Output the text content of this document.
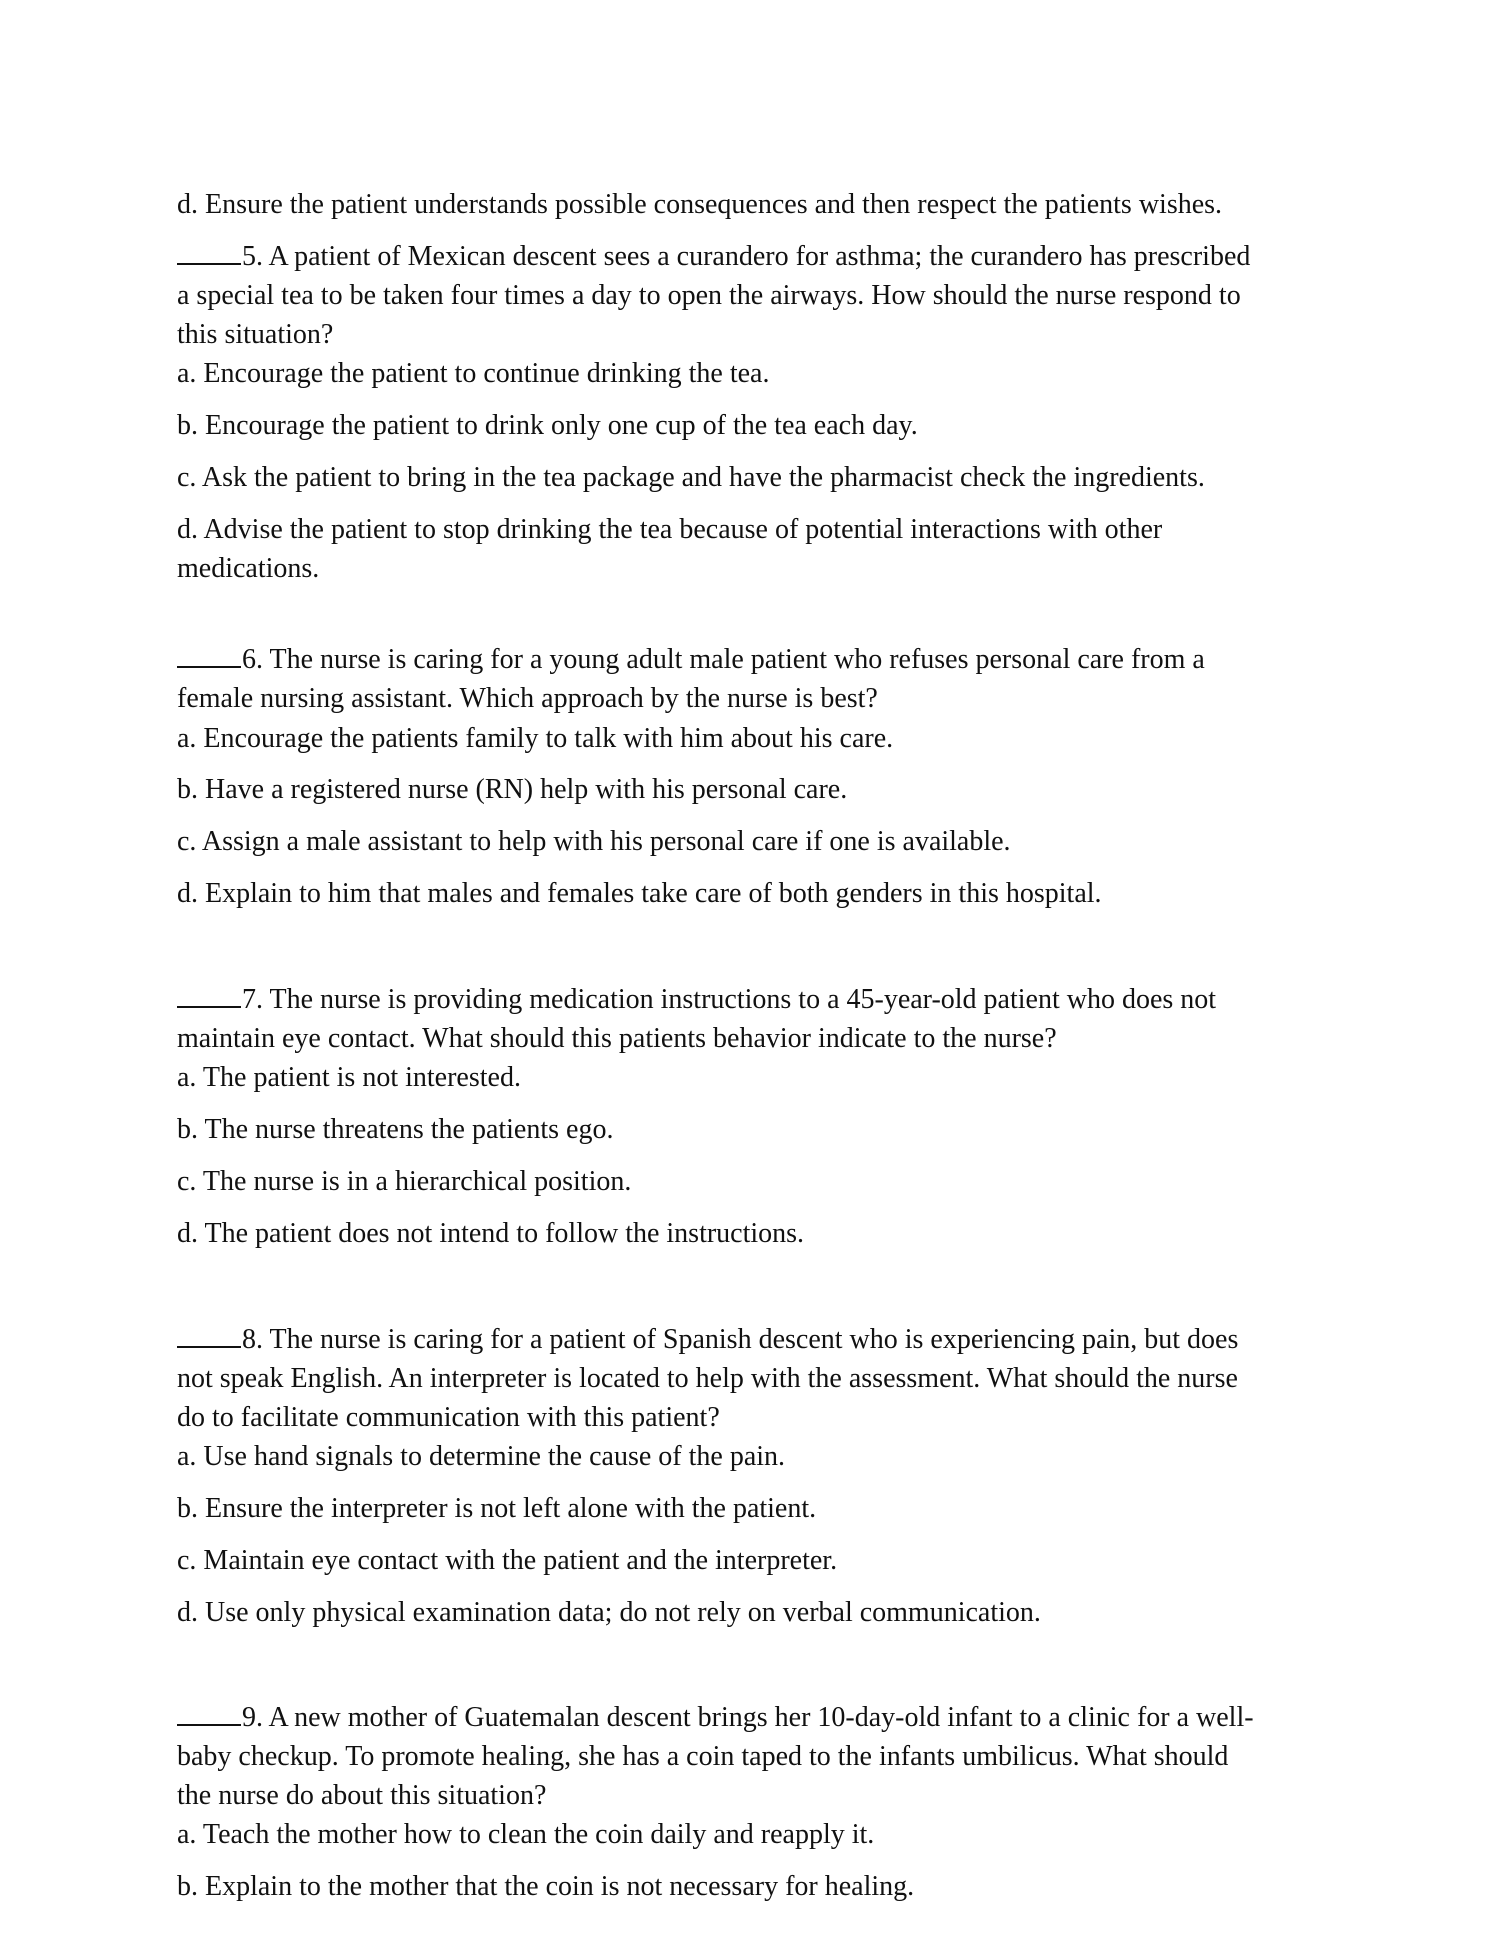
d. Ensure the patient understands possible consequences and then respect the patients wishes.
5. A patient of Mexican descent sees a curandero for asthma; the curandero has prescribed
a special tea to be taken four times a day to open the airways. How should the nurse respond to
this situation?
a. Encourage the patient to continue drinking the tea.
b. Encourage the patient to drink only one cup of the tea each day.
c. Ask the patient to bring in the tea package and have the pharmacist check the ingredients.
d. Advise the patient to stop drinking the tea because of potential interactions with other
medications.
6. The nurse is caring for a young adult male patient who refuses personal care from a
female nursing assistant. Which approach by the nurse is best?
a. Encourage the patients family to talk with him about his care.
b. Have a registered nurse (RN) help with his personal care.
c. Assign a male assistant to help with his personal care if one is available.
d. Explain to him that males and females take care of both genders in this hospital.
7. The nurse is providing medication instructions to a 45-year-old patient who does not
maintain eye contact. What should this patients behavior indicate to the nurse?
a. The patient is not interested.
b. The nurse threatens the patients ego.
c. The nurse is in a hierarchical position.
d. The patient does not intend to follow the instructions.
8. The nurse is caring for a patient of Spanish descent who is experiencing pain, but does
not speak English. An interpreter is located to help with the assessment. What should the nurse
do to facilitate communication with this patient?
a. Use hand signals to determine the cause of the pain.
b. Ensure the interpreter is not left alone with the patient.
c. Maintain eye contact with the patient and the interpreter.
d. Use only physical examination data; do not rely on verbal communication.
9. A new mother of Guatemalan descent brings her 10-day-old infant to a clinic for a well-
baby checkup. To promote healing, she has a coin taped to the infants umbilicus. What should
the nurse do about this situation?
a. Teach the mother how to clean the coin daily and reapply it.
b. Explain to the mother that the coin is not necessary for healing.
